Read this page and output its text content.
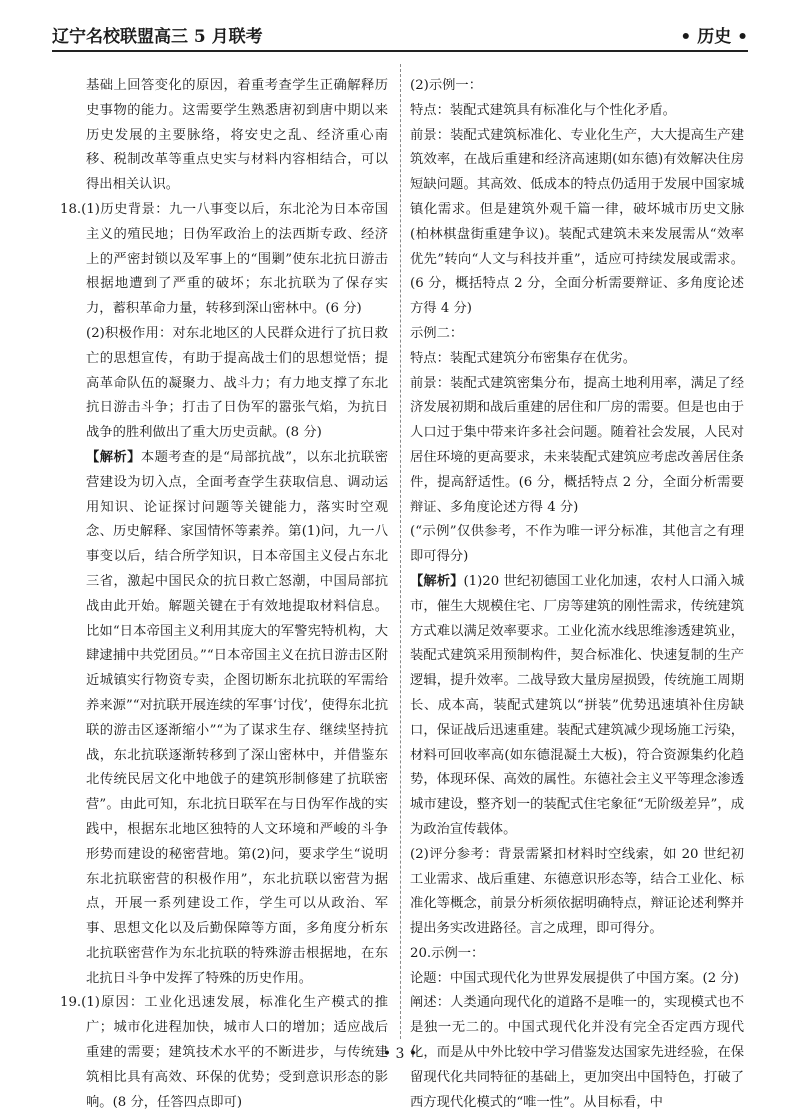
辽宁名校联盟高三 5 月联考	• 历史 •

基础上回答变化的原因，着重考查学生正确解释历史事物的能力。这需要学生熟悉唐初到唐中期以来历史发展的主要脉络，将安史之乱、经济重心南移、税制改革等重点史实与材料内容相结合，可以得出相关认识。

18.(1)历史背景：九一八事变以后，东北沦为日本帝国主义的殖民地；日伪军政治上的法西斯专政、经济上的严密封锁以及军事上的“围剿”使东北抗日游击根据地遭到了严重的破坏；东北抗联为了保存实力，蓄积革命力量，转移到深山密林中。(6 分)

(2)积极作用：对东北地区的人民群众进行了抗日救亡的思想宣传，有助于提高战士们的思想觉悟；提高革命队伍的凝聚力、战斗力；有力地支撑了东北抗日游击斗争；打击了日伪军的嚣张气焰，为抗日战争的胜利做出了重大历史贡献。(8 分)

【解析】本题考查的是“局部抗战”，以东北抗联密营建设为切入点，全面考查学生获取信息、调动运用知识、论证探讨问题等关键能力，落实时空观念、历史解释、家国情怀等素养。第(1)问，九一八事变以后，结合所学知识，日本帝国主义侵占东北三省，激起中国民众的抗日救亡怒潮，中国局部抗战由此开始。解题关键在于有效地提取材料信息。比如“日本帝国主义利用其庞大的军警宪特机构，大肆逮捕中共党团员。”“日本帝国主义在抗日游击区附近城镇实行物资专卖，企图切断东北抗联的军需给养来源”“对抗联开展连续的军事‘讨伐’，使得东北抗联的游击区逐渐缩小”“为了谋求生存、继续坚持抗战，东北抗联逐渐转移到了深山密林中，并借鉴东北传统民居文化中地戗子的建筑形制修建了抗联密营”。由此可知，东北抗日联军在与日伪军作战的实践中，根据东北地区独特的人文环境和严峻的斗争形势而建设的秘密营地。第(2)问，要求学生“说明东北抗联密营的积极作用”，东北抗联以密营为据点，开展一系列建设工作，学生可以从政治、军事、思想文化以及后勤保障等方面，多角度分析东北抗联密营作为东北抗联的特殊游击根据地，在东北抗日斗争中发挥了特殊的历史作用。

19.(1)原因：工业化迅速发展，标准化生产模式的推广；城市化进程加快，城市人口的增加；适应战后重建的需要；建筑技术水平的不断进步，与传统建筑相比具有高效、环保的优势；受到意识形态的影响。(8 分，任答四点即可)

(2)示例一：

特点：装配式建筑具有标准化与个性化矛盾。

前景：装配式建筑标准化、专业化生产，大大提高生产建筑效率，在战后重建和经济高速期(如东德)有效解决住房短缺问题。其高效、低成本的特点仍适用于发展中国家城镇化需求。但是建筑外观千篇一律，破坏城市历史文脉(柏林棋盘街重建争议)。装配式建筑未来发展需从“效率优先”转向“人文与科技并重”，适应可持续发展或需求。(6 分，概括特点 2 分，全面分析需要辩证、多角度论述方得 4 分)

示例二：

特点：装配式建筑分布密集存在优劣。

前景：装配式建筑密集分布，提高土地利用率，满足了经济发展初期和战后重建的居住和厂房的需要。但是也由于人口过于集中带来许多社会问题。随着社会发展，人民对居住环境的更高要求，未来装配式建筑应考虑改善居住条件，提高舒适性。(6 分，概括特点 2 分，全面分析需要辩证、多角度论述方得 4 分)

(“示例”仅供参考，不作为唯一评分标准，其他言之有理即可得分)

【解析】(1)20 世纪初德国工业化加速，农村人口涌入城市，催生大规模住宅、厂房等建筑的刚性需求，传统建筑方式难以满足效率要求。工业化流水线思维渗透建筑业，装配式建筑采用预制构件，契合标准化、快速复制的生产逻辑，提升效率。二战导致大量房屋损毁，传统施工周期长、成本高，装配式建筑以“拼装”优势迅速填补住房缺口，保证战后迅速重建。装配式建筑减少现场施工污染，材料可回收率高(如东德混凝土大板)，符合资源集约化趋势，体现环保、高效的属性。东德社会主义平等理念渗透城市建设，整齐划一的装配式住宅象征“无阶级差异”，成为政治宣传载体。

(2)评分参考：背景需紧扣材料时空线索，如 20 世纪初工业需求、战后重建、东德意识形态等，结合工业化、标准化等概念，前景分析须依据明确特点，辩证论述利弊并提出务实改进路径。言之成理，即可得分。

20.示例一：

论题：中国式现代化为世界发展提供了中国方案。(2 分)

阐述：人类通向现代化的道路不是唯一的，实现模式也不是独一无二的。中国式现代化并没有完全否定西方现代化，而是从中外比较中学习借鉴发达国家先进经验，在保留现代化共同特征的基础上，更加突出中国特色，打破了西方现代化模式的“唯一性”。从目标看，中

• 3 •
